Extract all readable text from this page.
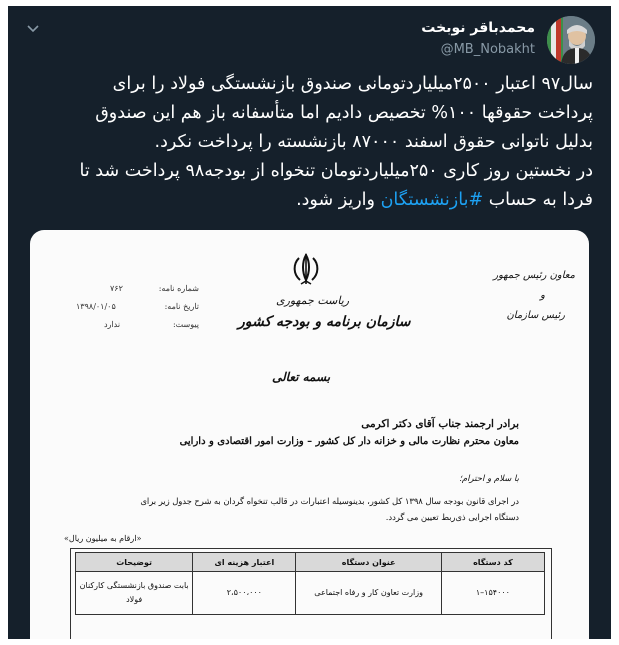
محمدباقر نوبخت
@MB_Nobakht
سال۹۷ اعتبار ۲۵۰۰میلیاردتومانی صندوق بازنشستگی فولاد را برای
پرداخت حقوقها ۱۰۰% تخصیص دادیم اما متأسفانه باز هم این صندوق
بدلیل ناتوانی حقوق اسفند ۸۷۰۰۰ بازنشسته را پرداخت نکرد.
در نخستین روز کاری ۲۵۰میلیاردتومان تنخواه از بودجه۹۸ پرداخت شد تا
فردا به حساب #بازنشستگان واریز شود.
شماره نامه:
۷۶۲
تاریخ نامه:
۱۳۹۸/۰۱/۰۵
پیوست:
ندارد
ریاست جمهوری
سازمان برنامه و بودجه کشور
معاون رئیس جمهور
و
رئیس سازمان
بسمه تعالی
برادر ارجمند جناب آقای دکتر اکرمی
معاون محترم نظارت مالی و خزانه دار کل کشور – وزارت امور اقتصادی و دارایی
با سلام و احترام؛
در اجرای قانون بودجه سال ۱۳۹۸ کل کشور، بدینوسیله اعتبارات در قالب تنخواه گردان به شرح جدول زیر برای
دستگاه اجرایی ذی‌ربط تعیین می گردد.
«ارقام به میلیون ریال»
کد دستگاه	عنوان دستگاه	اعتبار هزینه ای	توضیحات
۱۵۴۰۰۰–۱	وزارت تعاون کار و رفاه اجتماعی	۲،۵۰۰،۰۰۰	بابت صندوق بازنشستگی کارکنان فولاد
